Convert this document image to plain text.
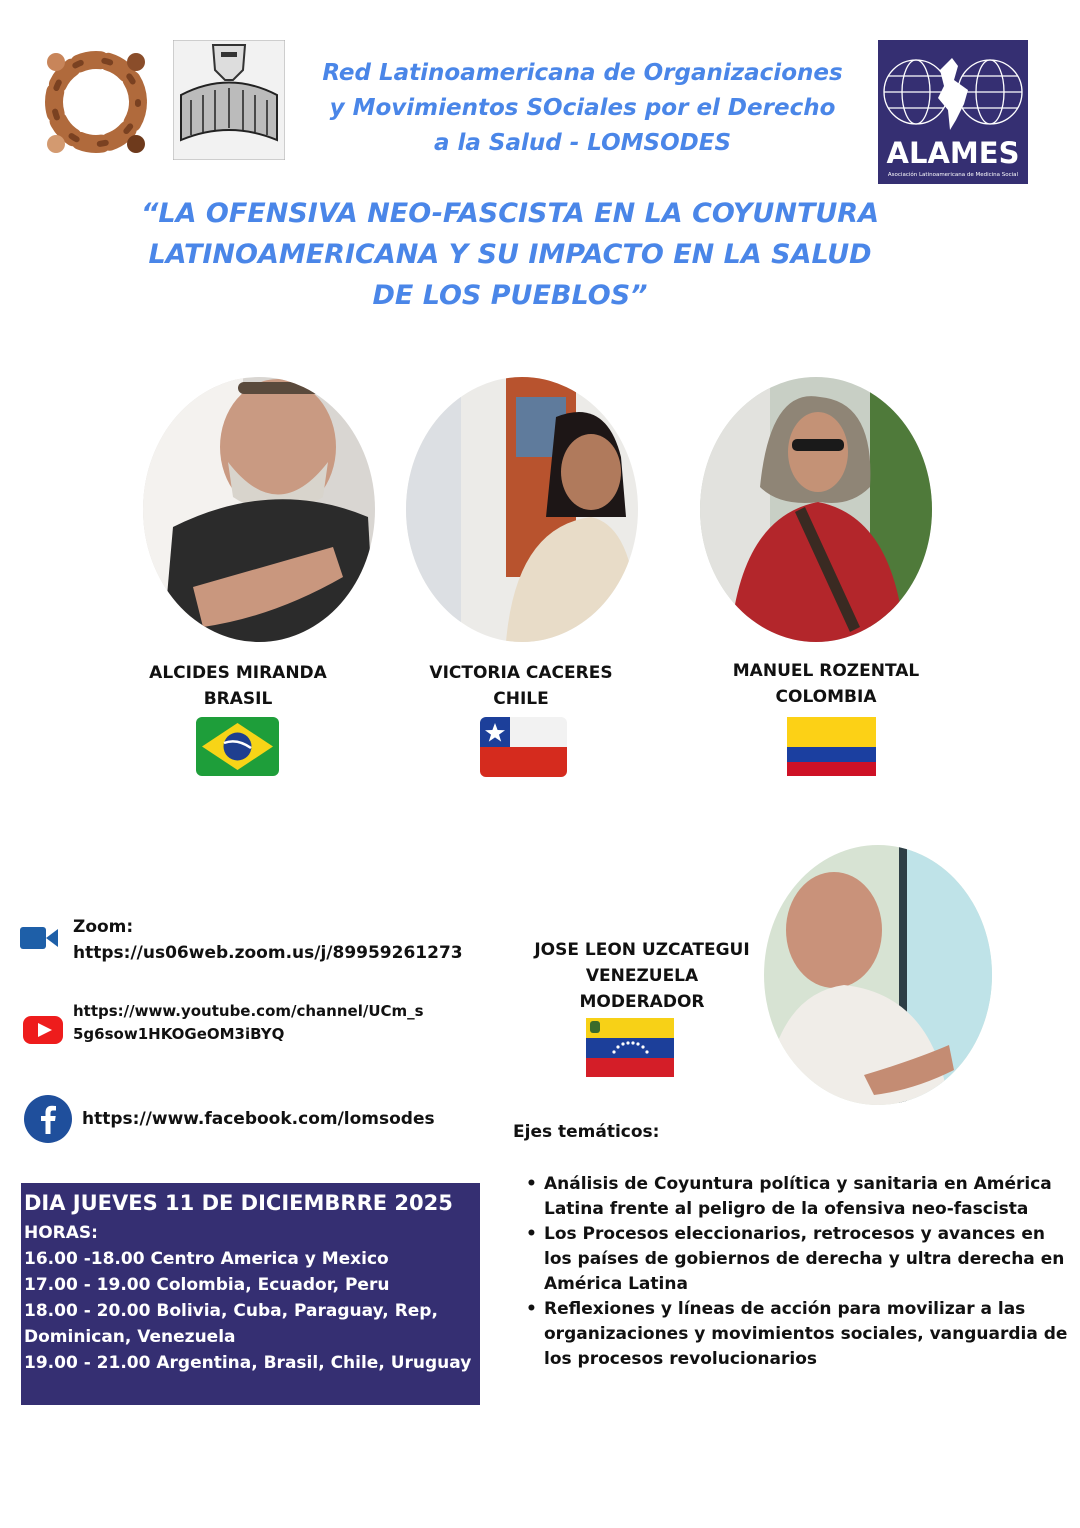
Red Latinoamericana de Organizaciones
y Movimientos SOciales por el Derecho
a la Salud - LOMSODES	ALAMES
Asociación Latinoamericana de Medicina Social
“LA OFENSIVA NEO-FASCISTA EN LA COYUNTURA
LATINOAMERICANA Y SU IMPACTO EN LA SALUD
DE LOS PUEBLOS”
ALCIDES MIRANDA
BRASIL
VICTORIA CACERES
CHILE
MANUEL ROZENTAL
COLOMBIA
Zoom:
https://us06web.zoom.us/j/89959261273
https://www.youtube.com/channel/UCm_s
5g6sow1HKOGeOM3iBYQ
https://www.facebook.com/lomsodes
JOSE LEON UZCATEGUI
VENEZUELA
MODERADOR
Ejes temáticos:
• Análisis de Coyuntura política y sanitaria en América
Latina frente al peligro de la ofensiva neo-fascista
• Los Procesos eleccionarios, retrocesos y avances en
los países de gobiernos de derecha y ultra derecha en
América Latina
• Reflexiones y líneas de acción para movilizar a las
organizaciones y movimientos sociales, vanguardia de
los procesos revolucionarios
DIA JUEVES 11 DE DICIEMBRRE 2025
HORAS:
16.00 -18.00 Centro America y Mexico
17.00 - 19.00 Colombia, Ecuador, Peru
18.00 - 20.00 Bolivia, Cuba, Paraguay, Rep,
Dominican, Venezuela
19.00 - 21.00 Argentina, Brasil, Chile, Uruguay
